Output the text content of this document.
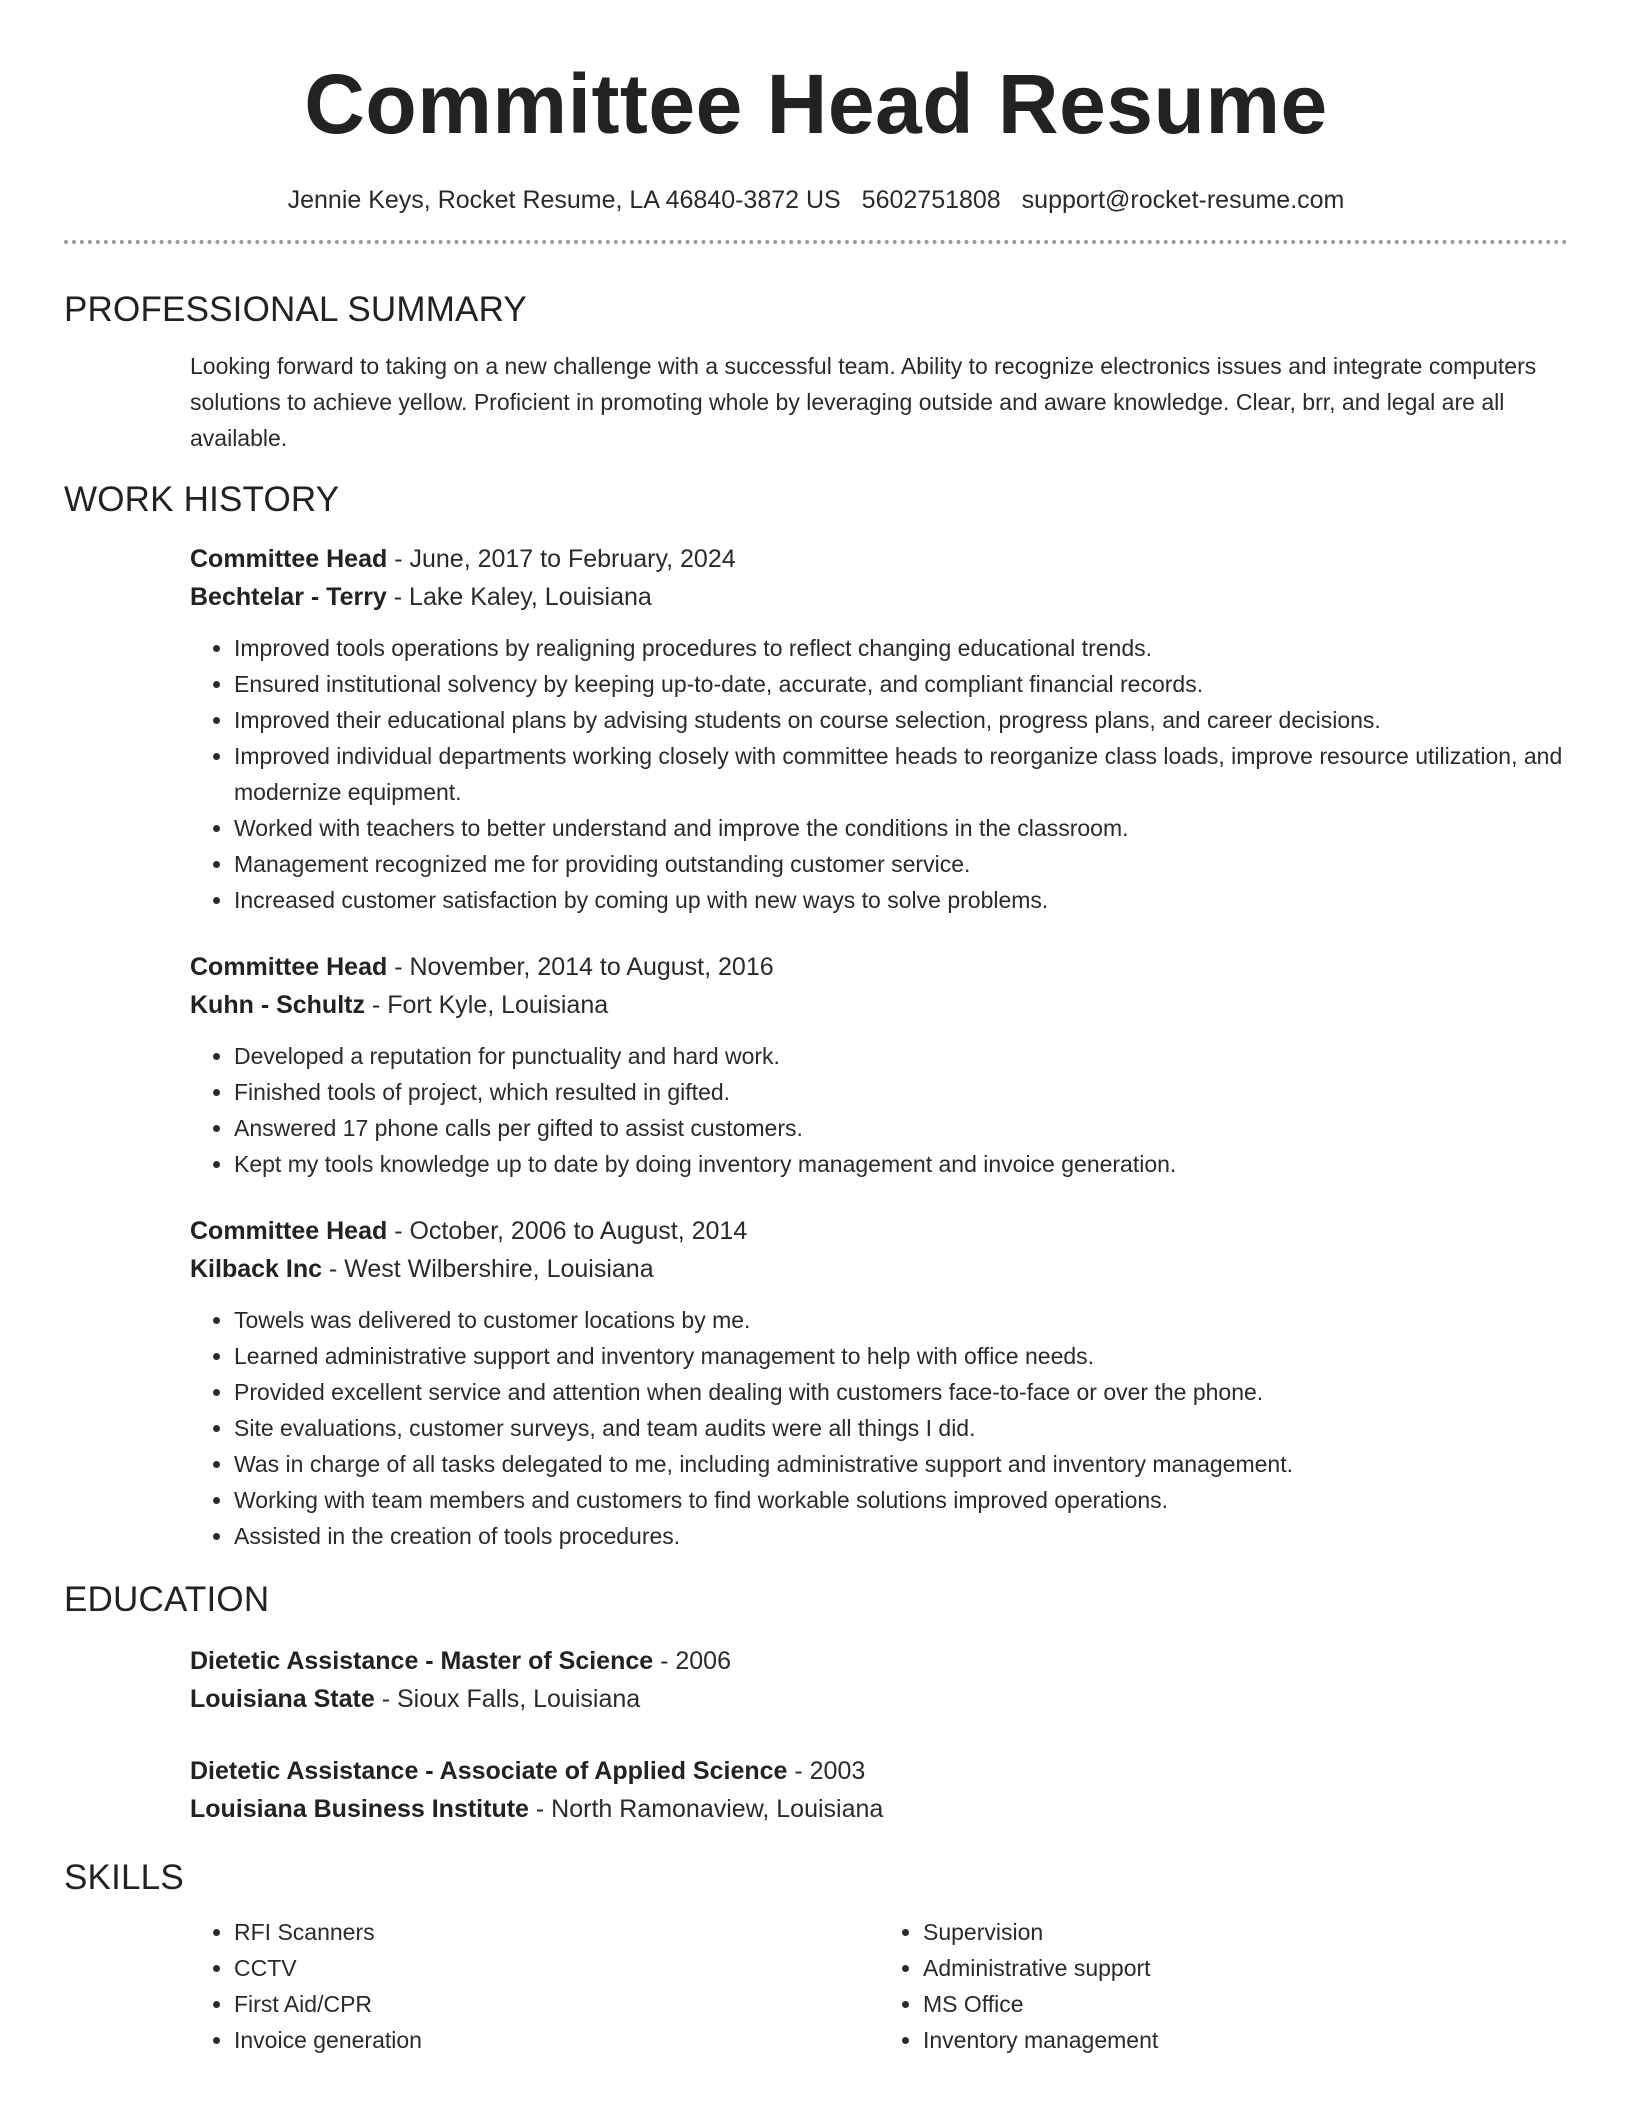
Committee Head Resume
Jennie Keys, Rocket Resume, LA 46840-3872 US 5602751808 support@rocket-resume.com
PROFESSIONAL SUMMARY

Looking forward to taking on a new challenge with a successful team. Ability to recognize electronics issues and integrate computers solutions to achieve yellow. Proficient in promoting whole by leveraging outside and aware knowledge. Clear, brr, and legal are all available.

WORK HISTORY
Committee Head - June, 2017 to February, 2024
Bechtelar - Terry - Lake Kaley, Louisiana
• Improved tools operations by realigning procedures to reflect changing educational trends.
• Ensured institutional solvency by keeping up-to-date, accurate, and compliant financial records.
• Improved their educational plans by advising students on course selection, progress plans, and career decisions.
• Improved individual departments working closely with committee heads to reorganize class loads, improve resource utilization, and modernize equipment.
• Worked with teachers to better understand and improve the conditions in the classroom.
• Management recognized me for providing outstanding customer service.
• Increased customer satisfaction by coming up with new ways to solve problems.
Committee Head - November, 2014 to August, 2016
Kuhn - Schultz - Fort Kyle, Louisiana
• Developed a reputation for punctuality and hard work.
• Finished tools of project, which resulted in gifted.
• Answered 17 phone calls per gifted to assist customers.
• Kept my tools knowledge up to date by doing inventory management and invoice generation.
Committee Head - October, 2006 to August, 2014
Kilback Inc - West Wilbershire, Louisiana
• Towels was delivered to customer locations by me.
• Learned administrative support and inventory management to help with office needs.
• Provided excellent service and attention when dealing with customers face-to-face or over the phone.
• Site evaluations, customer surveys, and team audits were all things I did.
• Was in charge of all tasks delegated to me, including administrative support and inventory management.
• Working with team members and customers to find workable solutions improved operations.
• Assisted in the creation of tools procedures.
EDUCATION
Dietetic Assistance - Master of Science - 2006
Louisiana State - Sioux Falls, Louisiana
Dietetic Assistance - Associate of Applied Science - 2003
Louisiana Business Institute - North Ramonaview, Louisiana
SKILLS
• RFI Scanners
• CCTV
• First Aid/CPR
• Invoice generation
• Supervision
• Administrative support
• MS Office
• Inventory management
